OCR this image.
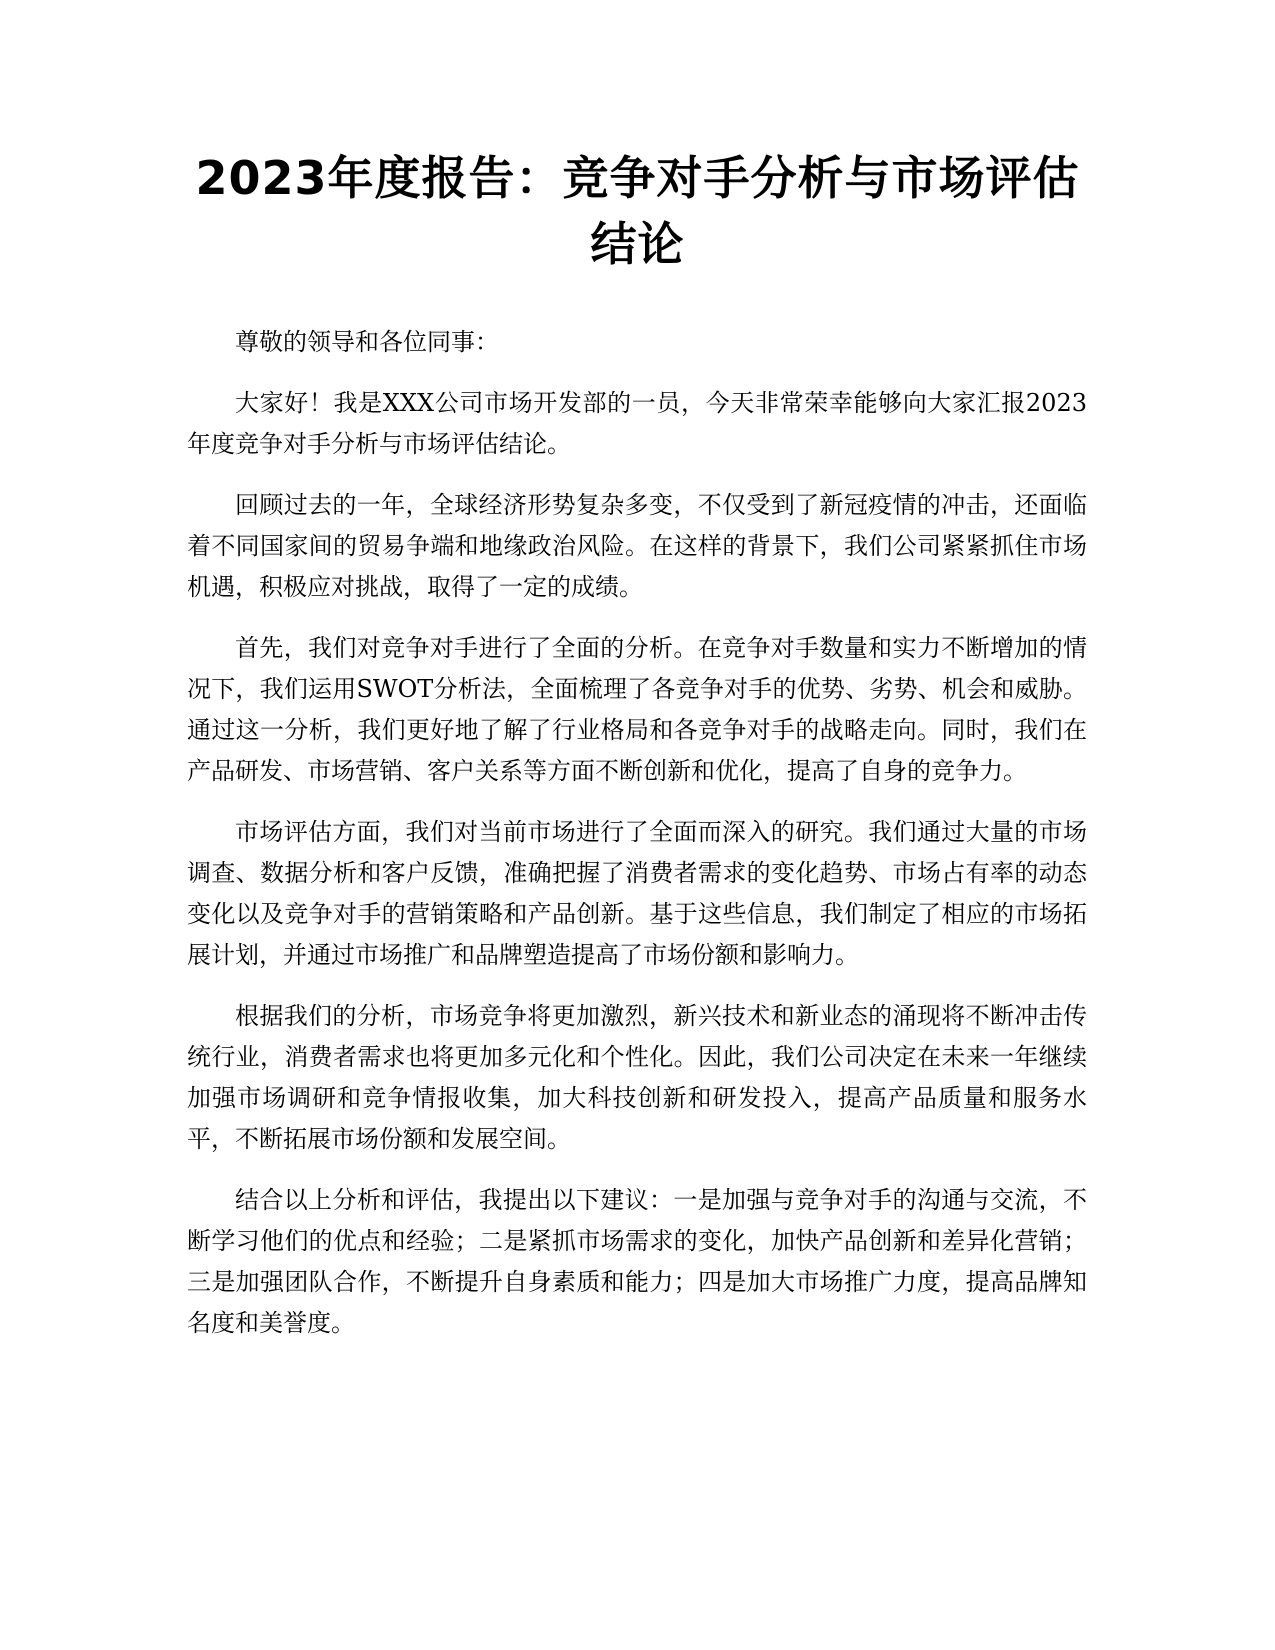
2023年度报告：竞争对手分析与市场评估结论

尊敬的领导和各位同事：

大家好！我是XXX公司市场开发部的一员，今天非常荣幸能够向大家汇报2023年度竞争对手分析与市场评估结论。

回顾过去的一年，全球经济形势复杂多变，不仅受到了新冠疫情的冲击，还面临着不同国家间的贸易争端和地缘政治风险。在这样的背景下，我们公司紧紧抓住市场机遇，积极应对挑战，取得了一定的成绩。

首先，我们对竞争对手进行了全面的分析。在竞争对手数量和实力不断增加的情况下，我们运用SWOT分析法，全面梳理了各竞争对手的优势、劣势、机会和威胁。通过这一分析，我们更好地了解了行业格局和各竞争对手的战略走向。同时，我们在产品研发、市场营销、客户关系等方面不断创新和优化，提高了自身的竞争力。

市场评估方面，我们对当前市场进行了全面而深入的研究。我们通过大量的市场调查、数据分析和客户反馈，准确把握了消费者需求的变化趋势、市场占有率的动态变化以及竞争对手的营销策略和产品创新。基于这些信息，我们制定了相应的市场拓展计划，并通过市场推广和品牌塑造提高了市场份额和影响力。

根据我们的分析，市场竞争将更加激烈，新兴技术和新业态的涌现将不断冲击传统行业，消费者需求也将更加多元化和个性化。因此，我们公司决定在未来一年继续加强市场调研和竞争情报收集，加大科技创新和研发投入，提高产品质量和服务水平，不断拓展市场份额和发展空间。

结合以上分析和评估，我提出以下建议：一是加强与竞争对手的沟通与交流，不断学习他们的优点和经验；二是紧抓市场需求的变化，加快产品创新和差异化营销；三是加强团队合作，不断提升自身素质和能力；四是加大市场推广力度，提高品牌知名度和美誉度。
